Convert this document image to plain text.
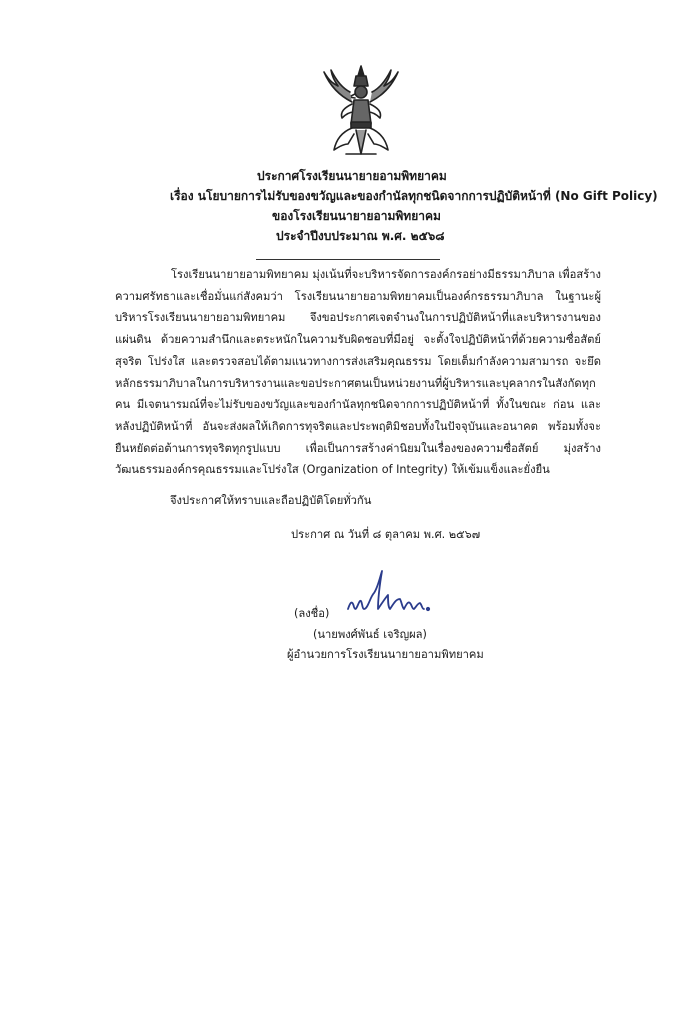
ประกาศโรงเรียนนายายอามพิทยาคม
เรื่อง นโยบายการไม่รับของขวัญและของกำนัลทุกชนิดจากการปฏิบัติหน้าที่ (No Gift Policy)
ของโรงเรียนนายายอามพิทยาคม
ประจำปีงบประมาณ พ.ศ. ๒๕๖๘

โรงเรียนนายายอามพิทยาคม มุ่งเน้นที่จะบริหารจัดการองค์กรอย่างมีธรรมาภิบาล เพื่อสร้างความศรัทธาและเชื่อมั่นแก่สังคมว่า โรงเรียนนายายอามพิทยาคมเป็นองค์กรธรรมาภิบาล ในฐานะผู้บริหารโรงเรียนนายายอามพิทยาคม จึงขอประกาศเจตจำนงในการปฏิบัติหน้าที่และบริหารงานของแผ่นดิน ด้วยความสำนึกและตระหนักในความรับผิดชอบที่มีอยู่ จะตั้งใจปฏิบัติหน้าที่ด้วยความซื่อสัตย์สุจริต โปร่งใส และตรวจสอบได้ตามแนวทางการส่งเสริมคุณธรรม โดยเต็มกำลังความสามารถ จะยึดหลักธรรมาภิบาลในการบริหารงานและขอประกาศตนเป็นหน่วยงานที่ผู้บริหารและบุคลากรในสังกัดทุกคน มีเจตนารมณ์ที่จะไม่รับของขวัญและของกำนัลทุกชนิดจากการปฏิบัติหน้าที่ ทั้งในขณะ ก่อน และหลังปฏิบัติหน้าที่ อันจะส่งผลให้เกิดการทุจริตและประพฤติมิชอบทั้งในปัจจุบันและอนาคต พร้อมทั้งจะยืนหยัดต่อต้านการทุจริตทุกรูปแบบ เพื่อเป็นการสร้างค่านิยมในเรื่องของความซื่อสัตย์ มุ่งสร้างวัฒนธรรมองค์กรคุณธรรมและโปร่งใส (Organization of Integrity) ให้เข้มแข็งและยั่งยืน

จึงประกาศให้ทราบและถือปฏิบัติโดยทั่วกัน
ประกาศ ณ วันที่ ๘ ตุลาคม พ.ศ. ๒๕๖๗
(ลงชื่อ)
(นายพงศ์พันธ์ เจริญผล)
ผู้อำนวยการโรงเรียนนายายอามพิทยาคม
